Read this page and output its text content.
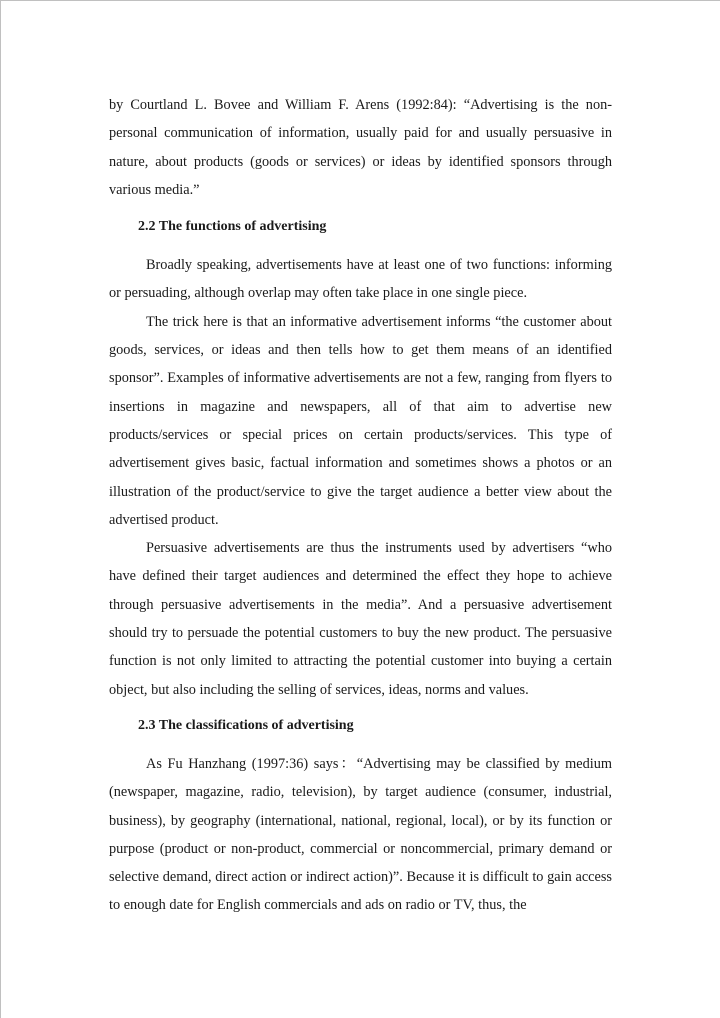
by Courtland L. Bovee and William F. Arens (1992:84): “Advertising is the non-personal communication of information, usually paid for and usually persuasive in nature, about products (goods or services) or ideas by identified sponsors through various media.”

2.2 The functions of advertising

Broadly speaking, advertisements have at least one of two functions: informing or persuading, although overlap may often take place in one single piece.

The trick here is that an informative advertisement informs “the customer about goods, services, or ideas and then tells how to get them means of an identified sponsor”. Examples of informative advertisements are not a few, ranging from flyers to insertions in magazine and newspapers, all of that aim to advertise new products/services or special prices on certain products/services. This type of advertisement gives basic, factual information and sometimes shows a photos or an illustration of the product/service to give the target audience a better view about the advertised product.

Persuasive advertisements are thus the instruments used by advertisers “who have defined their target audiences and determined the effect they hope to achieve through persuasive advertisements in the media”. And a persuasive advertisement should try to persuade the potential customers to buy the new product. The persuasive function is not only limited to attracting the potential customer into buying a certain object, but also including the selling of services, ideas, norms and values.

2.3 The classifications of advertising

As Fu Hanzhang (1997:36) says：“Advertising may be classified by medium (newspaper, magazine, radio, television), by target audience (consumer, industrial, business), by geography (international, national, regional, local), or by its function or purpose (product or non-product, commercial or noncommercial, primary demand or selective demand, direct action or indirect action)”. Because it is difficult to gain access to enough date for English commercials and ads on radio or TV, thus, the
